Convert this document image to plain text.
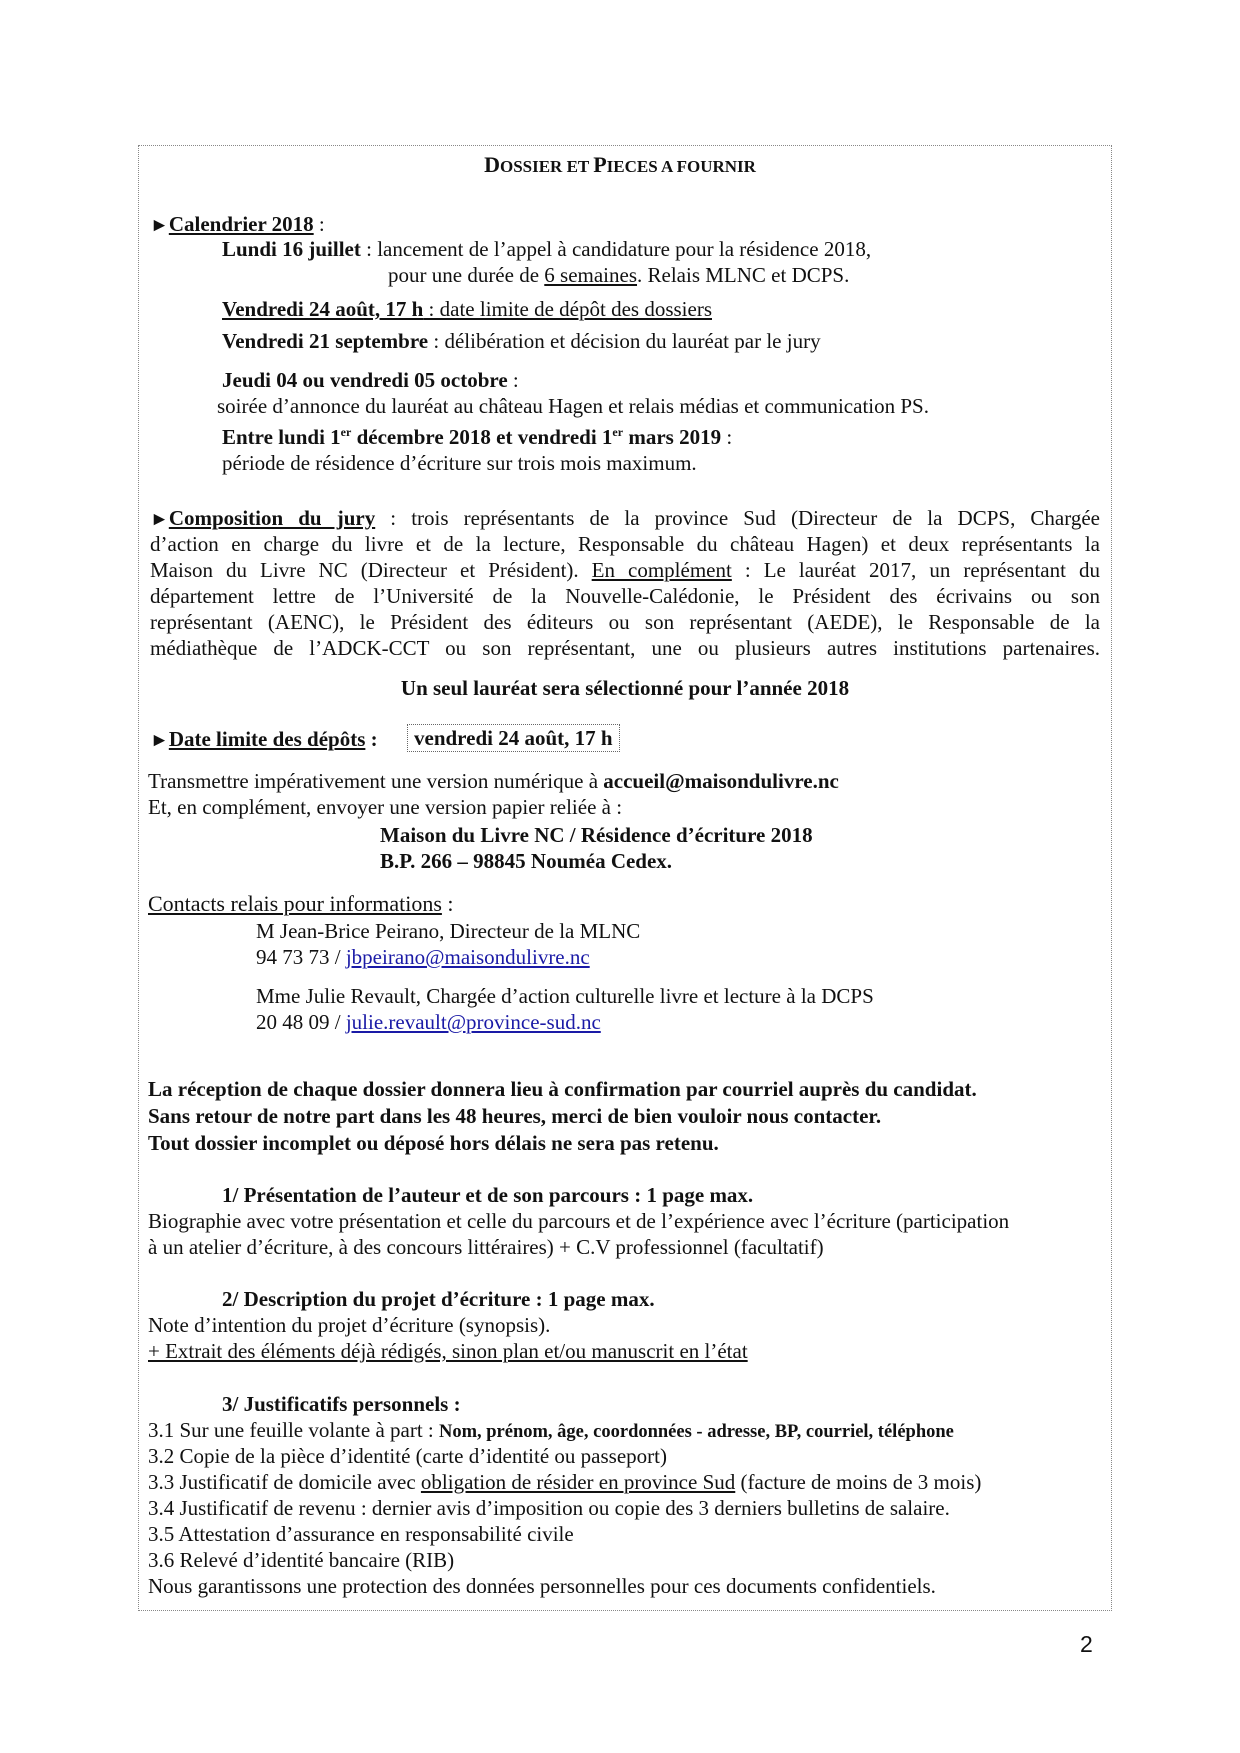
DOSSIER ET PIECES A FOURNIR
►Calendrier 2018 :
Lundi 16 juillet : lancement de l’appel à candidature pour la résidence 2018,
pour une durée de 6 semaines. Relais MLNC et DCPS.
Vendredi 24 août, 17 h : date limite de dépôt des dossiers
Vendredi 21 septembre : délibération et décision du lauréat par le jury
Jeudi 04 ou vendredi 05 octobre :
soirée d’annonce du lauréat au château Hagen et relais médias et communication PS.
Entre lundi 1er décembre 2018 et vendredi 1er mars 2019 :
période de résidence d’écriture sur trois mois maximum.
►Composition du jury : trois représentants de la province Sud (Directeur de la DCPS, Chargée
d’action en charge du livre et de la lecture, Responsable du château Hagen) et deux représentants la
Maison du Livre NC (Directeur et Président). En complément : Le lauréat 2017, un représentant du
département lettre de l’Université de la Nouvelle-Calédonie, le Président des écrivains ou son
représentant (AENC), le Président des éditeurs ou son représentant (AEDE), le Responsable de la
médiathèque de l’ADCK-CCT ou son représentant, une ou plusieurs autres institutions partenaires.
Un seul lauréat sera sélectionné pour l’année 2018
►Date limite des dépôts :	vendredi 24 août, 17 h
Transmettre impérativement une version numérique à accueil@maisondulivre.nc
Et, en complément, envoyer une version papier reliée à :
Maison du Livre NC / Résidence d’écriture 2018
B.P. 266 – 98845 Nouméa Cedex.
Contacts relais pour informations :
M Jean-Brice Peirano, Directeur de la MLNC
94 73 73 / jbpeirano@maisondulivre.nc
Mme Julie Revault, Chargée d’action culturelle livre et lecture à la DCPS
20 48 09 / julie.revault@province-sud.nc
La réception de chaque dossier donnera lieu à confirmation par courriel auprès du candidat.
Sans retour de notre part dans les 48 heures, merci de bien vouloir nous contacter.
Tout dossier incomplet ou déposé hors délais ne sera pas retenu.
1/ Présentation de l’auteur et de son parcours : 1 page max.
Biographie avec votre présentation et celle du parcours et de l’expérience avec l’écriture (participation
à un atelier d’écriture, à des concours littéraires) + C.V professionnel (facultatif)
2/ Description du projet d’écriture : 1 page max.
Note d’intention du projet d’écriture (synopsis).
+ Extrait des éléments déjà rédigés, sinon plan et/ou manuscrit en l’état
3/ Justificatifs personnels :
3.1 Sur une feuille volante à part : Nom, prénom, âge, coordonnées - adresse, BP, courriel, téléphone
3.2 Copie de la pièce d’identité (carte d’identité ou passeport)
3.3 Justificatif de domicile avec obligation de résider en province Sud (facture de moins de 3 mois)
3.4 Justificatif de revenu : dernier avis d’imposition ou copie des 3 derniers bulletins de salaire.
3.5 Attestation d’assurance en responsabilité civile
3.6 Relevé d’identité bancaire (RIB)
Nous garantissons une protection des données personnelles pour ces documents confidentiels.
2
